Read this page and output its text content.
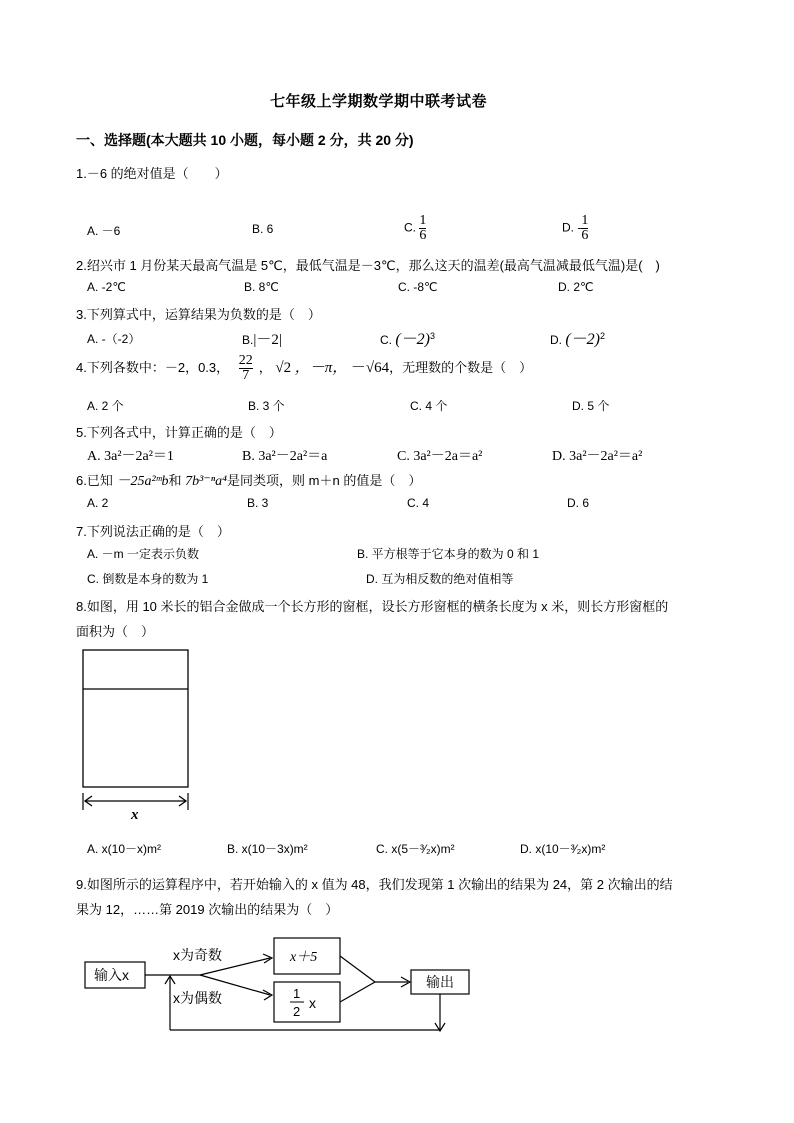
七年级上学期数学期中联考试卷
一、选择题(本大题共 10 小题，每小题 2 分，共 20 分)
1.－6 的绝对值是（　　）
A. －6	B. 6	C. $\frac{1}{6}$	D. - $\frac{1}{6}$
2.绍兴市 1 月份某天最高气温是 5℃，最低气温是－3℃，那么这天的温差(最高气温减最低气温)是(　)
A. -2℃	B. 8℃	C. -8℃	D. 2℃
3.下列算式中，运算结果为负数的是（　）
A. -（-2）	B.|－2|	C. $(-2)^3$	D. $(-2)^2$
4.下列各数中：－2，0.3， $\frac{22}{7}$ ， √2 ，－π， －√64，无理数的个数是（　）
A. 2 个	B. 3 个	C. 4 个	D. 5 个
5.下列各式中，计算正确的是（　）
A. 3a²－2a²＝1	B. 3a²－2a²＝a	C. 3a²－2a＝a²	D. 3a²－2a²＝a²
6.已知 －25a²ᵐb和 7b³⁻ⁿa⁴是同类项，则 m＋n 的值是（　）
A. 2	B. 3	C. 4	D. 6
7.下列说法正确的是（　）
A. －m 一定表示负数	B. 平方根等于它本身的数为 0 和 1
C. 倒数是本身的数为 1	D. 互为相反数的绝对值相等
8.如图，用 10 米长的铝合金做成一个长方形的窗框，设长方形窗框的横条长度为 x 米，则长方形窗框的
面积为（　）
x
A. x(10－x)m²	B. x(10－3x)m²	C. x(5－³⁄₂x)m²	D. x(10－³⁄₂x)m²
9.如图所示的运算程序中，若开始输入的 x 值为 48，我们发现第 1 次输出的结果为 24，第 2 次输出的结
果为 12，……第 2019 次输出的结果为（　）
输入x
x为奇数
x为偶数
x＋5
1
2
x
输出
